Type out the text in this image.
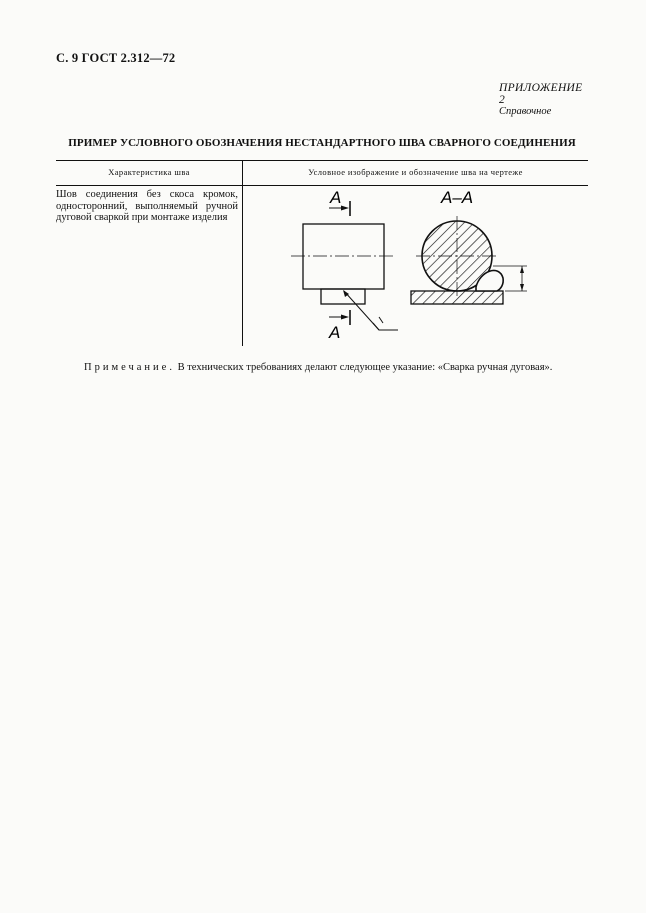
С. 9 ГОСТ 2.312—72
ПРИЛОЖЕНИЕ 2
Справочное
ПРИМЕР УСЛОВНОГО ОБОЗНАЧЕНИЯ НЕСТАНДАРТНОГО ШВА СВАРНОГО СОЕДИНЕНИЯ
Характеристика шва	Условное изображение и обозначение шва на чертеже
Шов соединения без скоса кромок, односторонний, выполняемый ручной дуговой сваркой при монтаже изделия
A
A
A–A
Примечание. В технических требованиях делают следующее указание: «Сварка ручная дуговая».
